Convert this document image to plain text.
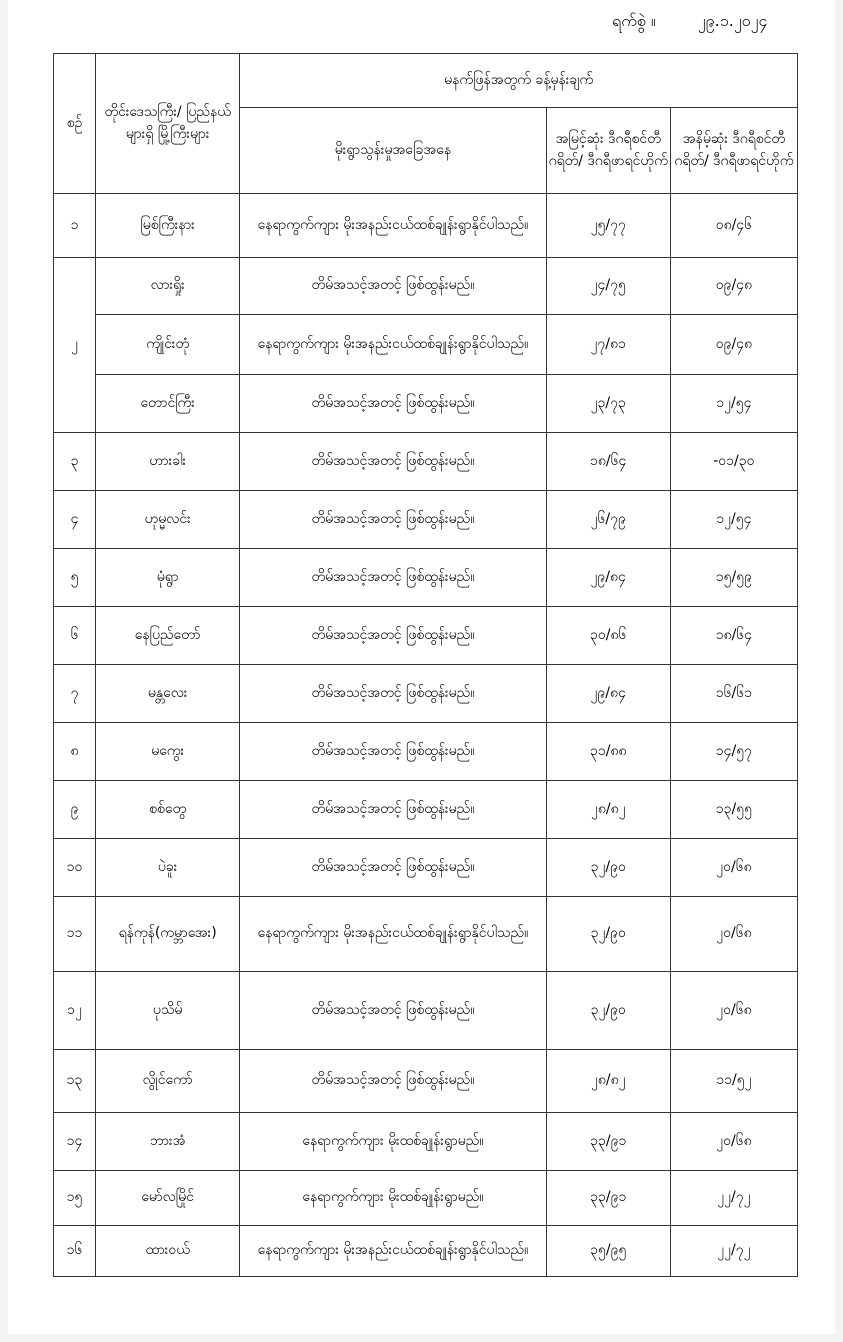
ရက်စွဲ ။	၂၉.၁.၂၀၂၄
စဥ်	တိုင်းဒေသကြီး/ ပြည်နယ်များရှိ မြို့ကြီးများ	မနက်ဖြန်အတွက် ခန့်မှန်းချက်		
		မိုးရွာသွန်းမှုအခြေအနေ	အမြင့်ဆုံး ဒီဂရီစင်တီဂရိတ်/ ဒီဂရီဖာရင်ဟိုက်	အနိမ့်ဆုံး ဒီဂရီစင်တီဂရိတ်/ ဒီဂရီဖာရင်ဟိုက်
၁	မြစ်ကြီးနား	နေရာကွက်ကျား မိုးအနည်းငယ်ထစ်ချုန်းရွာနိုင်ပါသည်။	၂၅/၇၇	၀၈/၄၆
၂	လားရှိုး	တိမ်အသင့်အတင့် ဖြစ်ထွန်းမည်။	၂၄/၇၅	၀၉/၄၈
	ကျိုင်းတုံ	နေရာကွက်ကျား မိုးအနည်းငယ်ထစ်ချုန်းရွာနိုင်ပါသည်။	၂၇/၈၁	၀၉/၄၈
	တောင်ကြီး	တိမ်အသင့်အတင့် ဖြစ်ထွန်းမည်။	၂၃/၇၃	၁၂/၅၄
၃	ဟားခါး	တိမ်အသင့်အတင့် ဖြစ်ထွန်းမည်။	၁၈/၆၄	-၀၁/၃၀
၄	ဟုမ္မလင်း	တိမ်အသင့်အတင့် ဖြစ်ထွန်းမည်။	၂၆/၇၉	၁၂/၅၄
၅	မုံရွာ	တိမ်အသင့်အတင့် ဖြစ်ထွန်းမည်။	၂၉/၈၄	၁၅/၅၉
၆	နေပြည်တော်	တိမ်အသင့်အတင့် ဖြစ်ထွန်းမည်။	၃၀/၈၆	၁၈/၆၄
၇	မန္တလေး	တိမ်အသင့်အတင့် ဖြစ်ထွန်းမည်။	၂၉/၈၄	၁၆/၆၁
၈	မကွေး	တိမ်အသင့်အတင့် ဖြစ်ထွန်းမည်။	၃၁/၈၈	၁၄/၅၇
၉	စစ်တွေ	တိမ်အသင့်အတင့် ဖြစ်ထွန်းမည်။	၂၈/၈၂	၁၃/၅၅
၁၀	ပဲခူး	တိမ်အသင့်အတင့် ဖြစ်ထွန်းမည်။	၃၂/၉၀	၂၀/၆၈
၁၁	ရန်ကုန်(ကမ္ဘာအေး)	နေရာကွက်ကျား မိုးအနည်းငယ်ထစ်ချုန်းရွာနိုင်ပါသည်။	၃၂/၉၀	၂၀/၆၈
၁၂	ပုသိမ်	တိမ်အသင့်အတင့် ဖြစ်ထွန်းမည်။	၃၂/၉၀	၂၀/၆၈
၁၃	လွိုင်ကော်	တိမ်အသင့်အတင့် ဖြစ်ထွန်းမည်။	၂၈/၈၂	၁၁/၅၂
၁၄	ဘားအံ	နေရာကွက်ကျား မိုးထစ်ချုန်းရွာမည်။	၃၃/၉၁	၂၀/၆၈
၁၅	မော်လမြိုင်	နေရာကွက်ကျား မိုးထစ်ချုန်းရွာမည်။	၃၃/၉၁	၂၂/၇၂
၁၆	ထားဝယ်	နေရာကွက်ကျား မိုးအနည်းငယ်ထစ်ချုန်းရွာနိုင်ပါသည်။	၃၅/၉၅	၂၂/၇၂
